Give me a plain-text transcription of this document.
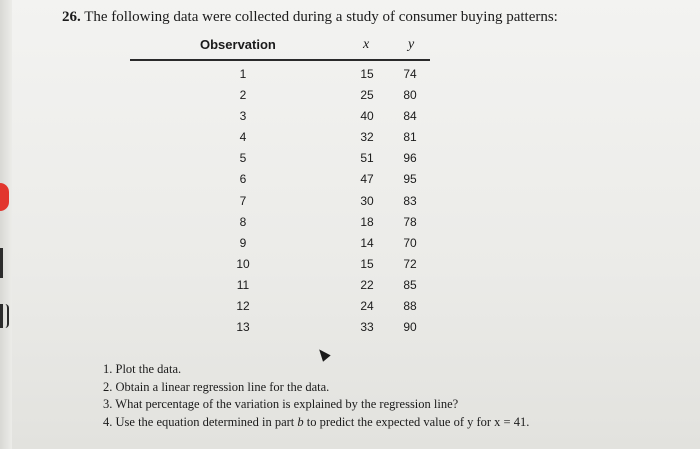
26. The following data were collected during a study of consumer buying patterns:

Observation	x	y
1	15	74
2	25	80
3	40	84
4	32	81
5	51	96
6	47	95
7	30	83
8	18	78
9	14	70
10	15	72
11	22	85
12	24	88
13	33	90
1. Plot the data.
2. Obtain a linear regression line for the data.
3. What percentage of the variation is explained by the regression line?
4. Use the equation determined in part b to predict the expected value of y for x = 41.
